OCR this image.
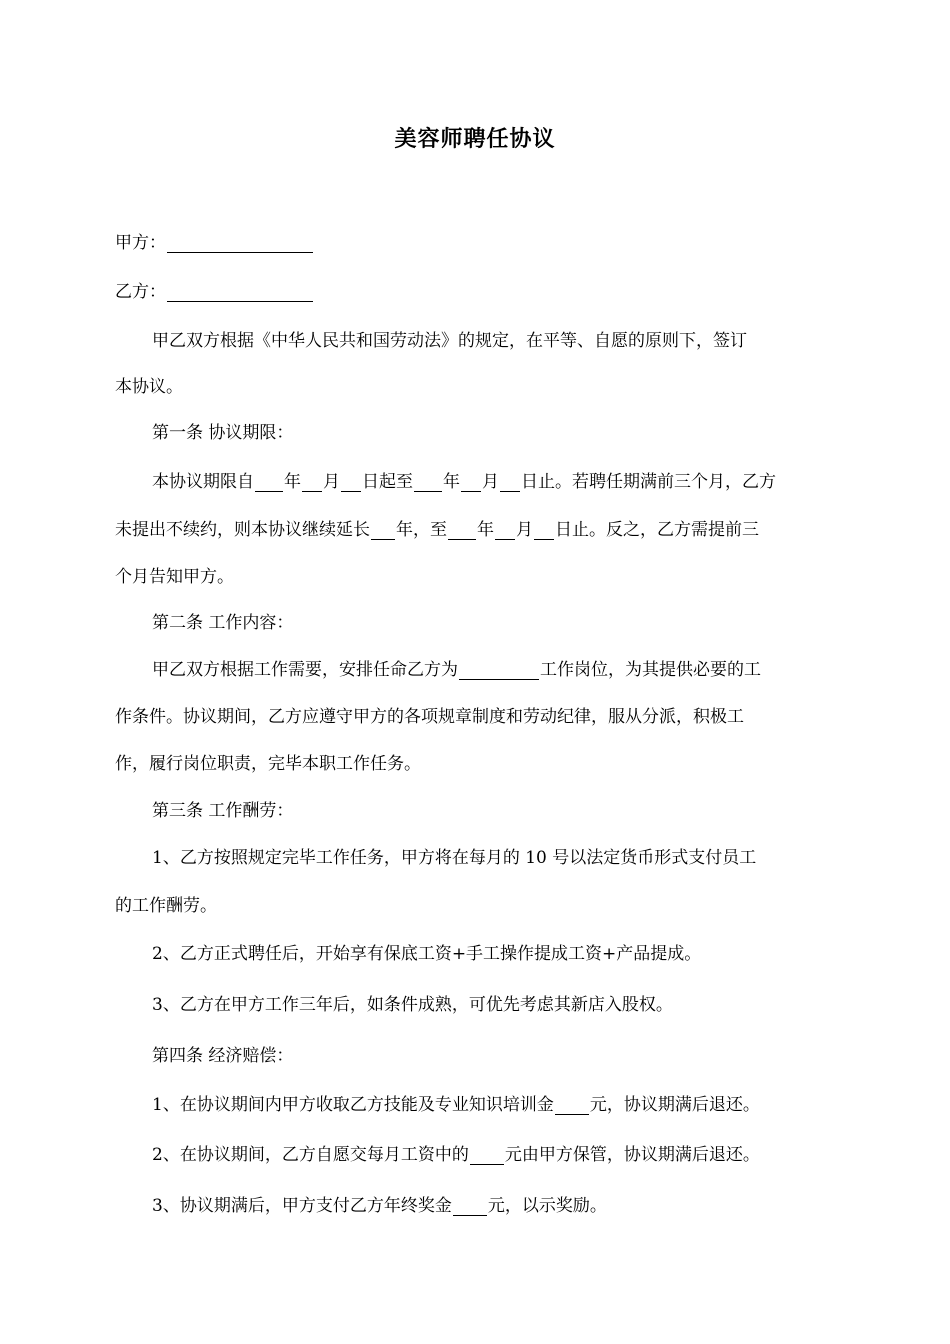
美容师聘任协议
甲方：
乙方：
甲乙双方根据《中华人民共和国劳动法》的规定，在平等、自愿的原则下，签订
本协议。
第一条 协议期限：
本协议期限自 年 月 日起至 年 月 日止。若聘任期满前三个月，乙方
未提出不续约，则本协议继续延长 年，至 年 月 日止。反之，乙方需提前三
个月告知甲方。
第二条 工作内容：
甲乙双方根据工作需要，安排任命乙方为	工作岗位，为其提供必要的工
作条件。协议期间，乙方应遵守甲方的各项规章制度和劳动纪律，服从分派，积极工
作，履行岗位职责，完毕本职工作任务。
第三条 工作酬劳：
1、乙方按照规定完毕工作任务，甲方将在每月的 10 号以法定货币形式支付员工
的工作酬劳。
2、乙方正式聘任后，开始享有保底工资+手工操作提成工资+产品提成。
3、乙方在甲方工作三年后，如条件成熟，可优先考虑其新店入股权。
第四条 经济赔偿：
1、在协议期间内甲方收取乙方技能及专业知识培训金 元，协议期满后退还。
2、在协议期间，乙方自愿交每月工资中的 元由甲方保管，协议期满后退还。
3、协议期满后，甲方支付乙方年终奖金 元，以示奖励。
